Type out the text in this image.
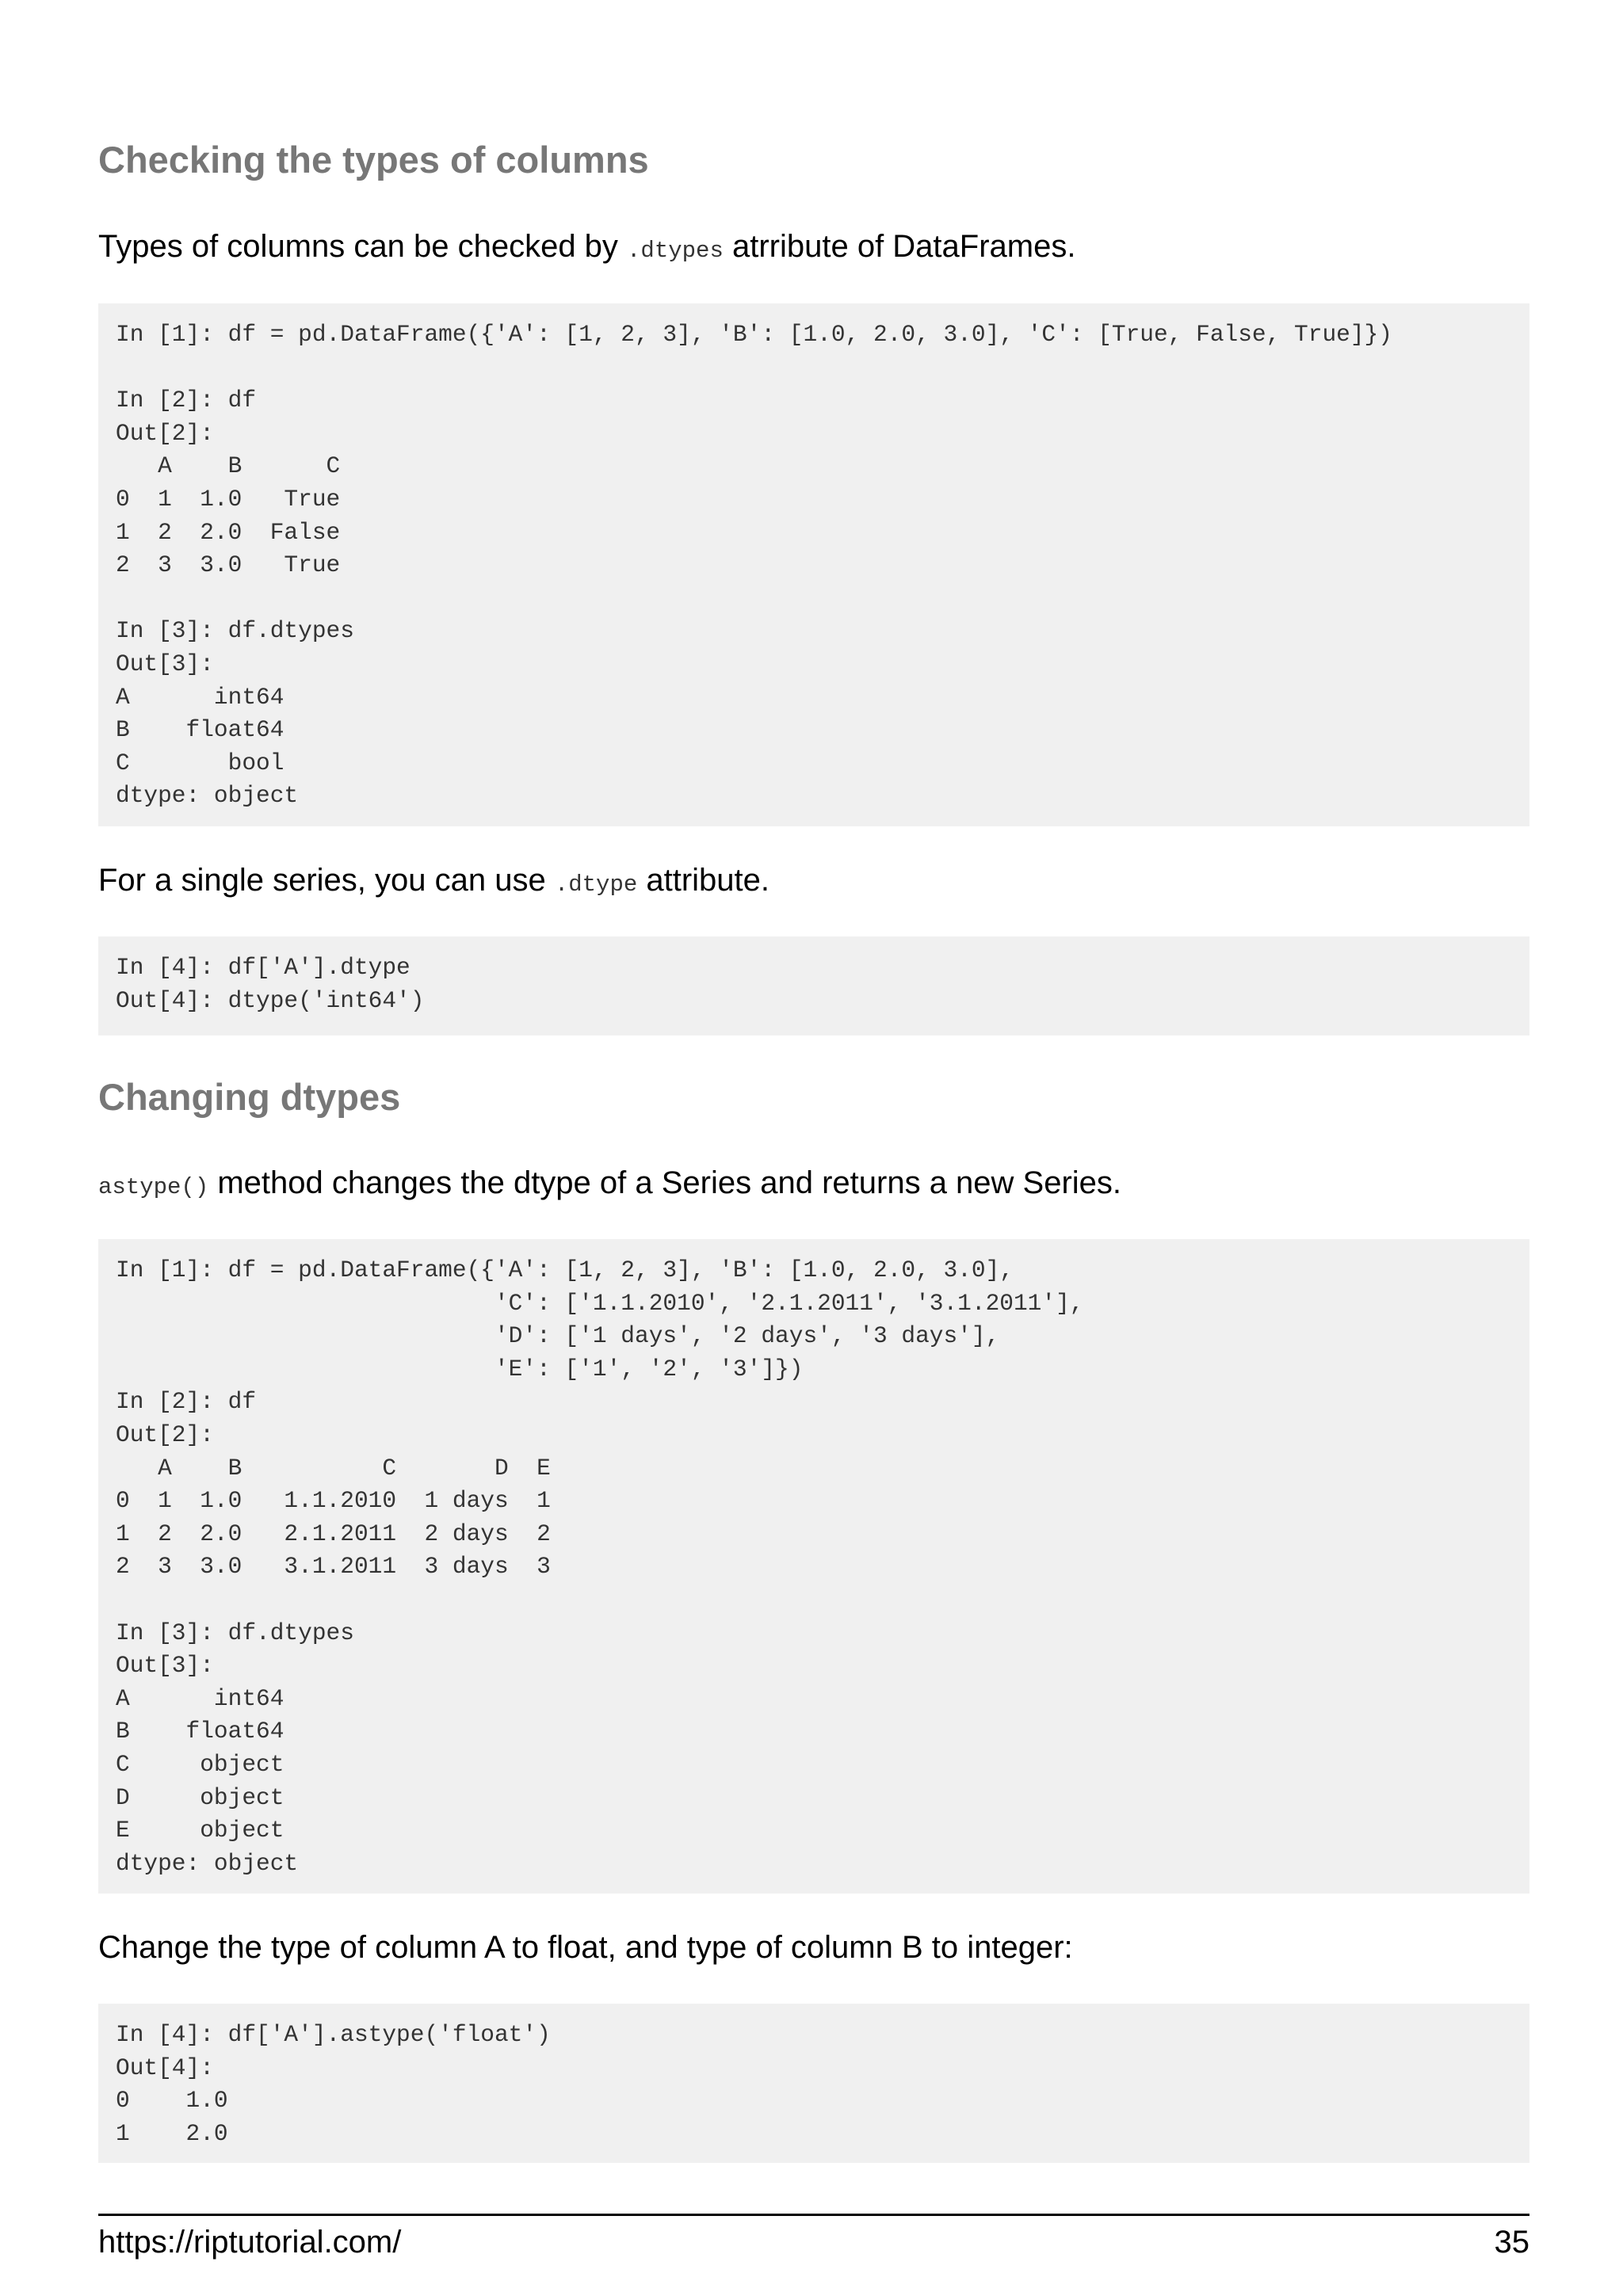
Checking the types of columns

Types of columns can be checked by .dtypes atrribute of DataFrames.

In [1]: df = pd.DataFrame({'A': [1, 2, 3], 'B': [1.0, 2.0, 3.0], 'C': [True, False, True]})

In [2]: df
Out[2]:
A    B      C
0  1  1.0   True
1  2  2.0  False
2  3  3.0   True

In [3]: df.dtypes
Out[3]:
A      int64
B    float64
C       bool
dtype: object

For a single series, you can use .dtype attribute.

In [4]: df['A'].dtype
Out[4]: dtype('int64')
Changing dtypes

astype() method changes the dtype of a Series and returns a new Series.

In [1]: df = pd.DataFrame({'A': [1, 2, 3], 'B': [1.0, 2.0, 3.0],
'C': ['1.1.2010', '2.1.2011', '3.1.2011'],
'D': ['1 days', '2 days', '3 days'],
'E': ['1', '2', '3']})
In [2]: df
Out[2]:
A    B          C       D  E
0  1  1.0   1.1.2010  1 days  1
1  2  2.0   2.1.2011  2 days  2
2  3  3.0   3.1.2011  3 days  3

In [3]: df.dtypes
Out[3]:
A      int64
B    float64
C     object
D     object
E     object
dtype: object

Change the type of column A to float, and type of column B to integer:

In [4]: df['A'].astype('float')
Out[4]:
0    1.0
1    2.0
https://riptutorial.com/	35
